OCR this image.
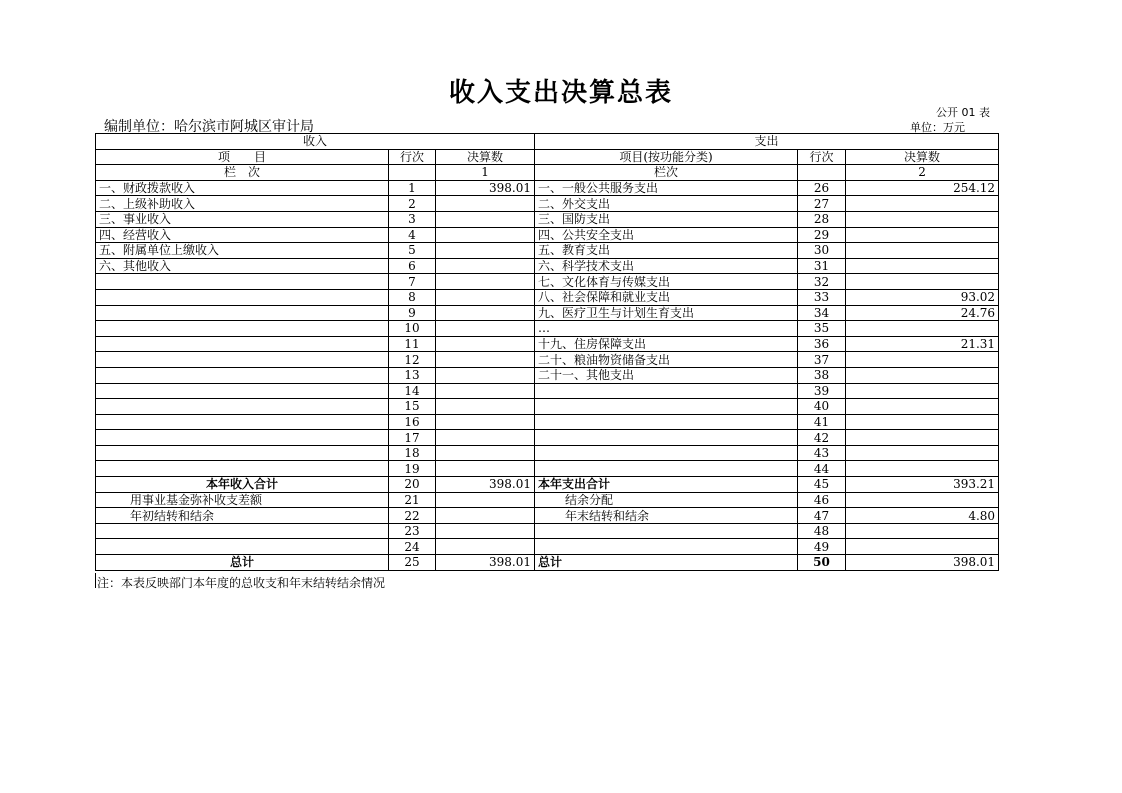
收入支出决算总表
公开 01 表
编制单位：哈尔滨市阿城区审计局	单位：万元
收入			支出		
项　　目	行次	决算数	项目(按功能分类)	行次	决算数
栏　次		1	栏次		2
一、财政拨款收入	1	398.01	一、一般公共服务支出	26	254.12
二、上级补助收入	2		二、外交支出	27	
三、事业收入	3		三、国防支出	28	
四、经营收入	4		四、公共安全支出	29	
五、附属单位上缴收入	5		五、教育支出	30	
六、其他收入	6		六、科学技术支出	31	
	7		七、文化体育与传媒支出	32	
	8		八、社会保障和就业支出	33	93.02
	9		九、医疗卫生与计划生育支出	34	24.76
	10		…	35	
	11		十九、住房保障支出	36	21.31
	12		二十、粮油物资储备支出	37	
	13		二十一、其他支出	38	
	14			39	
	15			40	
	16			41	
	17			42	
	18			43	
	19			44	
本年收入合计	20	398.01	本年支出合计	45	393.21
用事业基金弥补收支差额	21		结余分配	46	
年初结转和结余	22		年末结转和结余	47	4.80
	23			48	
	24			49	
总计	25	398.01	总计	50	398.01
注：本表反映部门本年度的总收支和年末结转结余情况
